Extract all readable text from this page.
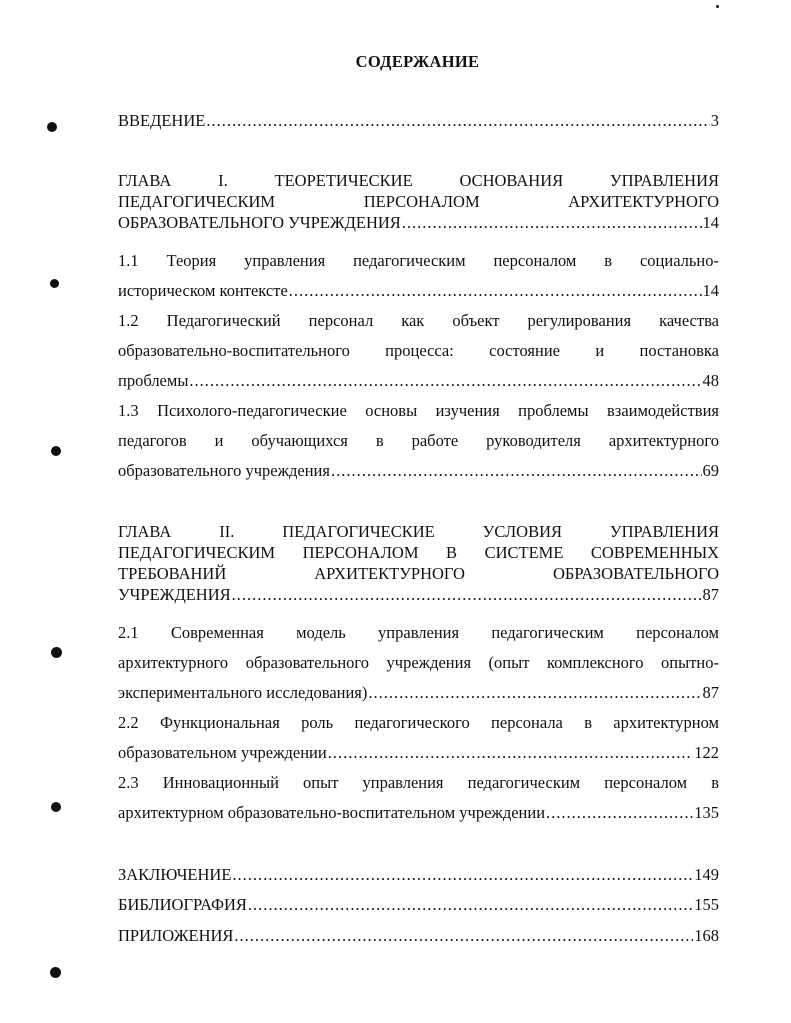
СОДЕРЖАНИЕ
ВВЕДЕНИЕ .....	3
ГЛАВА I. ТЕОРЕТИЧЕСКИЕ ОСНОВАНИЯ УПРАВЛЕНИЯ
ПЕДАГОГИЧЕСКИМ ПЕРСОНАЛОМ АРХИТЕКТУРНОГО
ОБРАЗОВАТЕЛЬНОГО УЧРЕЖДЕНИЯ .....	14
1.1 Теория управления педагогическим персоналом в социально-
историческом контексте .....	14
1.2 Педагогический персонал как объект регулирования качества
образовательно-воспитательного процесса: состояние и постановка
проблемы .....	48
1.3 Психолого-педагогические основы изучения проблемы взаимодействия
педагогов и обучающихся в работе руководителя архитектурного
образовательного учреждения .....	69
ГЛАВА II. ПЕДАГОГИЧЕСКИЕ УСЛОВИЯ УПРАВЛЕНИЯ
ПЕДАГОГИЧЕСКИМ ПЕРСОНАЛОМ В СИСТЕМЕ СОВРЕМЕННЫХ
ТРЕБОВАНИЙ АРХИТЕКТУРНОГО ОБРАЗОВАТЕЛЬНОГО
УЧРЕЖДЕНИЯ .....	87
2.1 Современная модель управления педагогическим персоналом
архитектурного образовательного учреждения (опыт комплексного опытно-
экспериментального исследования) .....	87
2.2 Функциональная роль педагогического персонала в архитектурном
образовательном учреждении .....	122
2.3 Инновационный опыт управления педагогическим персоналом в
архитектурном образовательно-воспитательном учреждении .....	135
ЗАКЛЮЧЕНИЕ .....	149
БИБЛИОГРАФИЯ .....	155
ПРИЛОЖЕНИЯ .....	168
